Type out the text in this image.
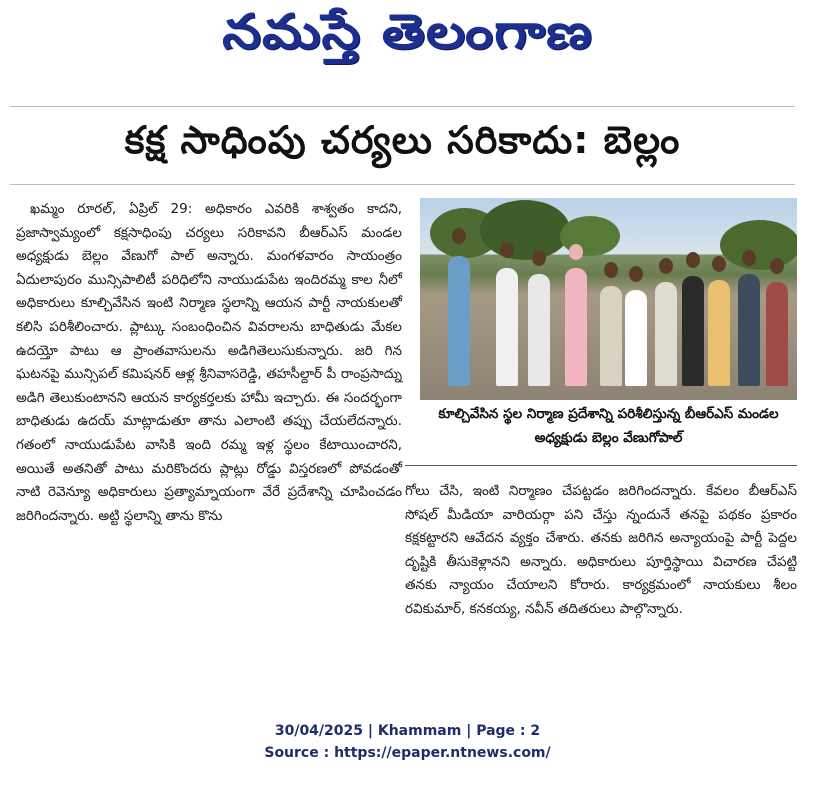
నమస్తే తెలంగాణ
కక్ష సాధింపు చర్యలు సరికాదు: బెల్లం

ఖమ్మం రూరల్, ఏప్రిల్ 29: అధికారం ఎవరికి శాశ్వతం కాదని, ప్రజాస్వామ్యంలో కక్షసాధింపు చర్యలు సరికావని బీఆర్ఎస్ మండల అధ్యక్షుడు బెల్లం వేణుగో పాల్ అన్నారు. మంగళవారం సాయంత్రం ఏదులాపురం మున్సిపాలిటీ పరిధిలోని నాయుడుపేట ఇందిరమ్మ కాల నీలో అధికారులు కూల్చివేసిన ఇంటి నిర్మాణ స్థలాన్ని ఆయన పార్టీ నాయకులతో కలిసి పరిశీలించారు. ప్లాట్కు సంబంధించిన వివరాలను బాధితుడు మేకల ఉదయ్తో పాటు ఆ ప్రాంతవాసులను అడిగితెలుసుకున్నారు. జరి గిన ఘటనపై మున్సిపల్ కమిషనర్ ఆళ్ల శ్రీనివాసరెడ్డి, తహసీల్దార్ పీ రాంప్రసాద్ను అడిగి తెలుకుంటానని ఆయన కార్యకర్తలకు హామీ ఇచ్చారు. ఈ సందర్భంగా బాధితుడు ఉదయ్ మాట్లాడుతూ తాను ఎలాంటి తప్పు చేయలేదన్నారు. గతంలో నాయుడుపేట వాసికి ఇంది రమ్మ ఇళ్ల స్థలం కేటాయించారని, అయితే అతనితో పాటు మరికొందరు ప్లాట్లు రోడ్డు విస్తరణలో పోవడంతో నాటి రెవెన్యూ అధికారులు ప్రత్యామ్నాయంగా వేరే ప్రదేశాన్ని చూపించడం జరిగిందన్నారు. అట్టి స్థలాన్ని తాను కొను

కూల్చివేసిన స్థల నిర్మాణ ప్రదేశాన్ని పరిశీలిస్తున్న బీఆర్ఎస్ మండల అధ్యక్షుడు బెల్లం వేణుగోపాల్

గోలు చేసి, ఇంటి నిర్మాణం చేపట్టడం జరిగిందన్నారు. కేవలం బీఆర్ఎస్ సోషల్ మీడియా వారియర్గా పని చేస్తు న్నందునే తనపై పథకం ప్రకారం కక్షకట్టారని ఆవేదన వ్యక్తం చేశారు. తనకు జరిగిన అన్యాయంపై పార్టీ పెద్దల దృష్టికి తీసుకెళ్లానని అన్నారు. అధికారులు పూర్తిస్థాయి విచారణ చేపట్టి తనకు న్యాయం చేయాలని కోరారు. కార్యక్రమంలో నాయకులు శీలం రవికుమార్, కనకయ్య, నవీన్ తదితరులు పాల్గొన్నారు.

30/04/2025 | Khammam | Page : 2
Source : https://epaper.ntnews.com/
